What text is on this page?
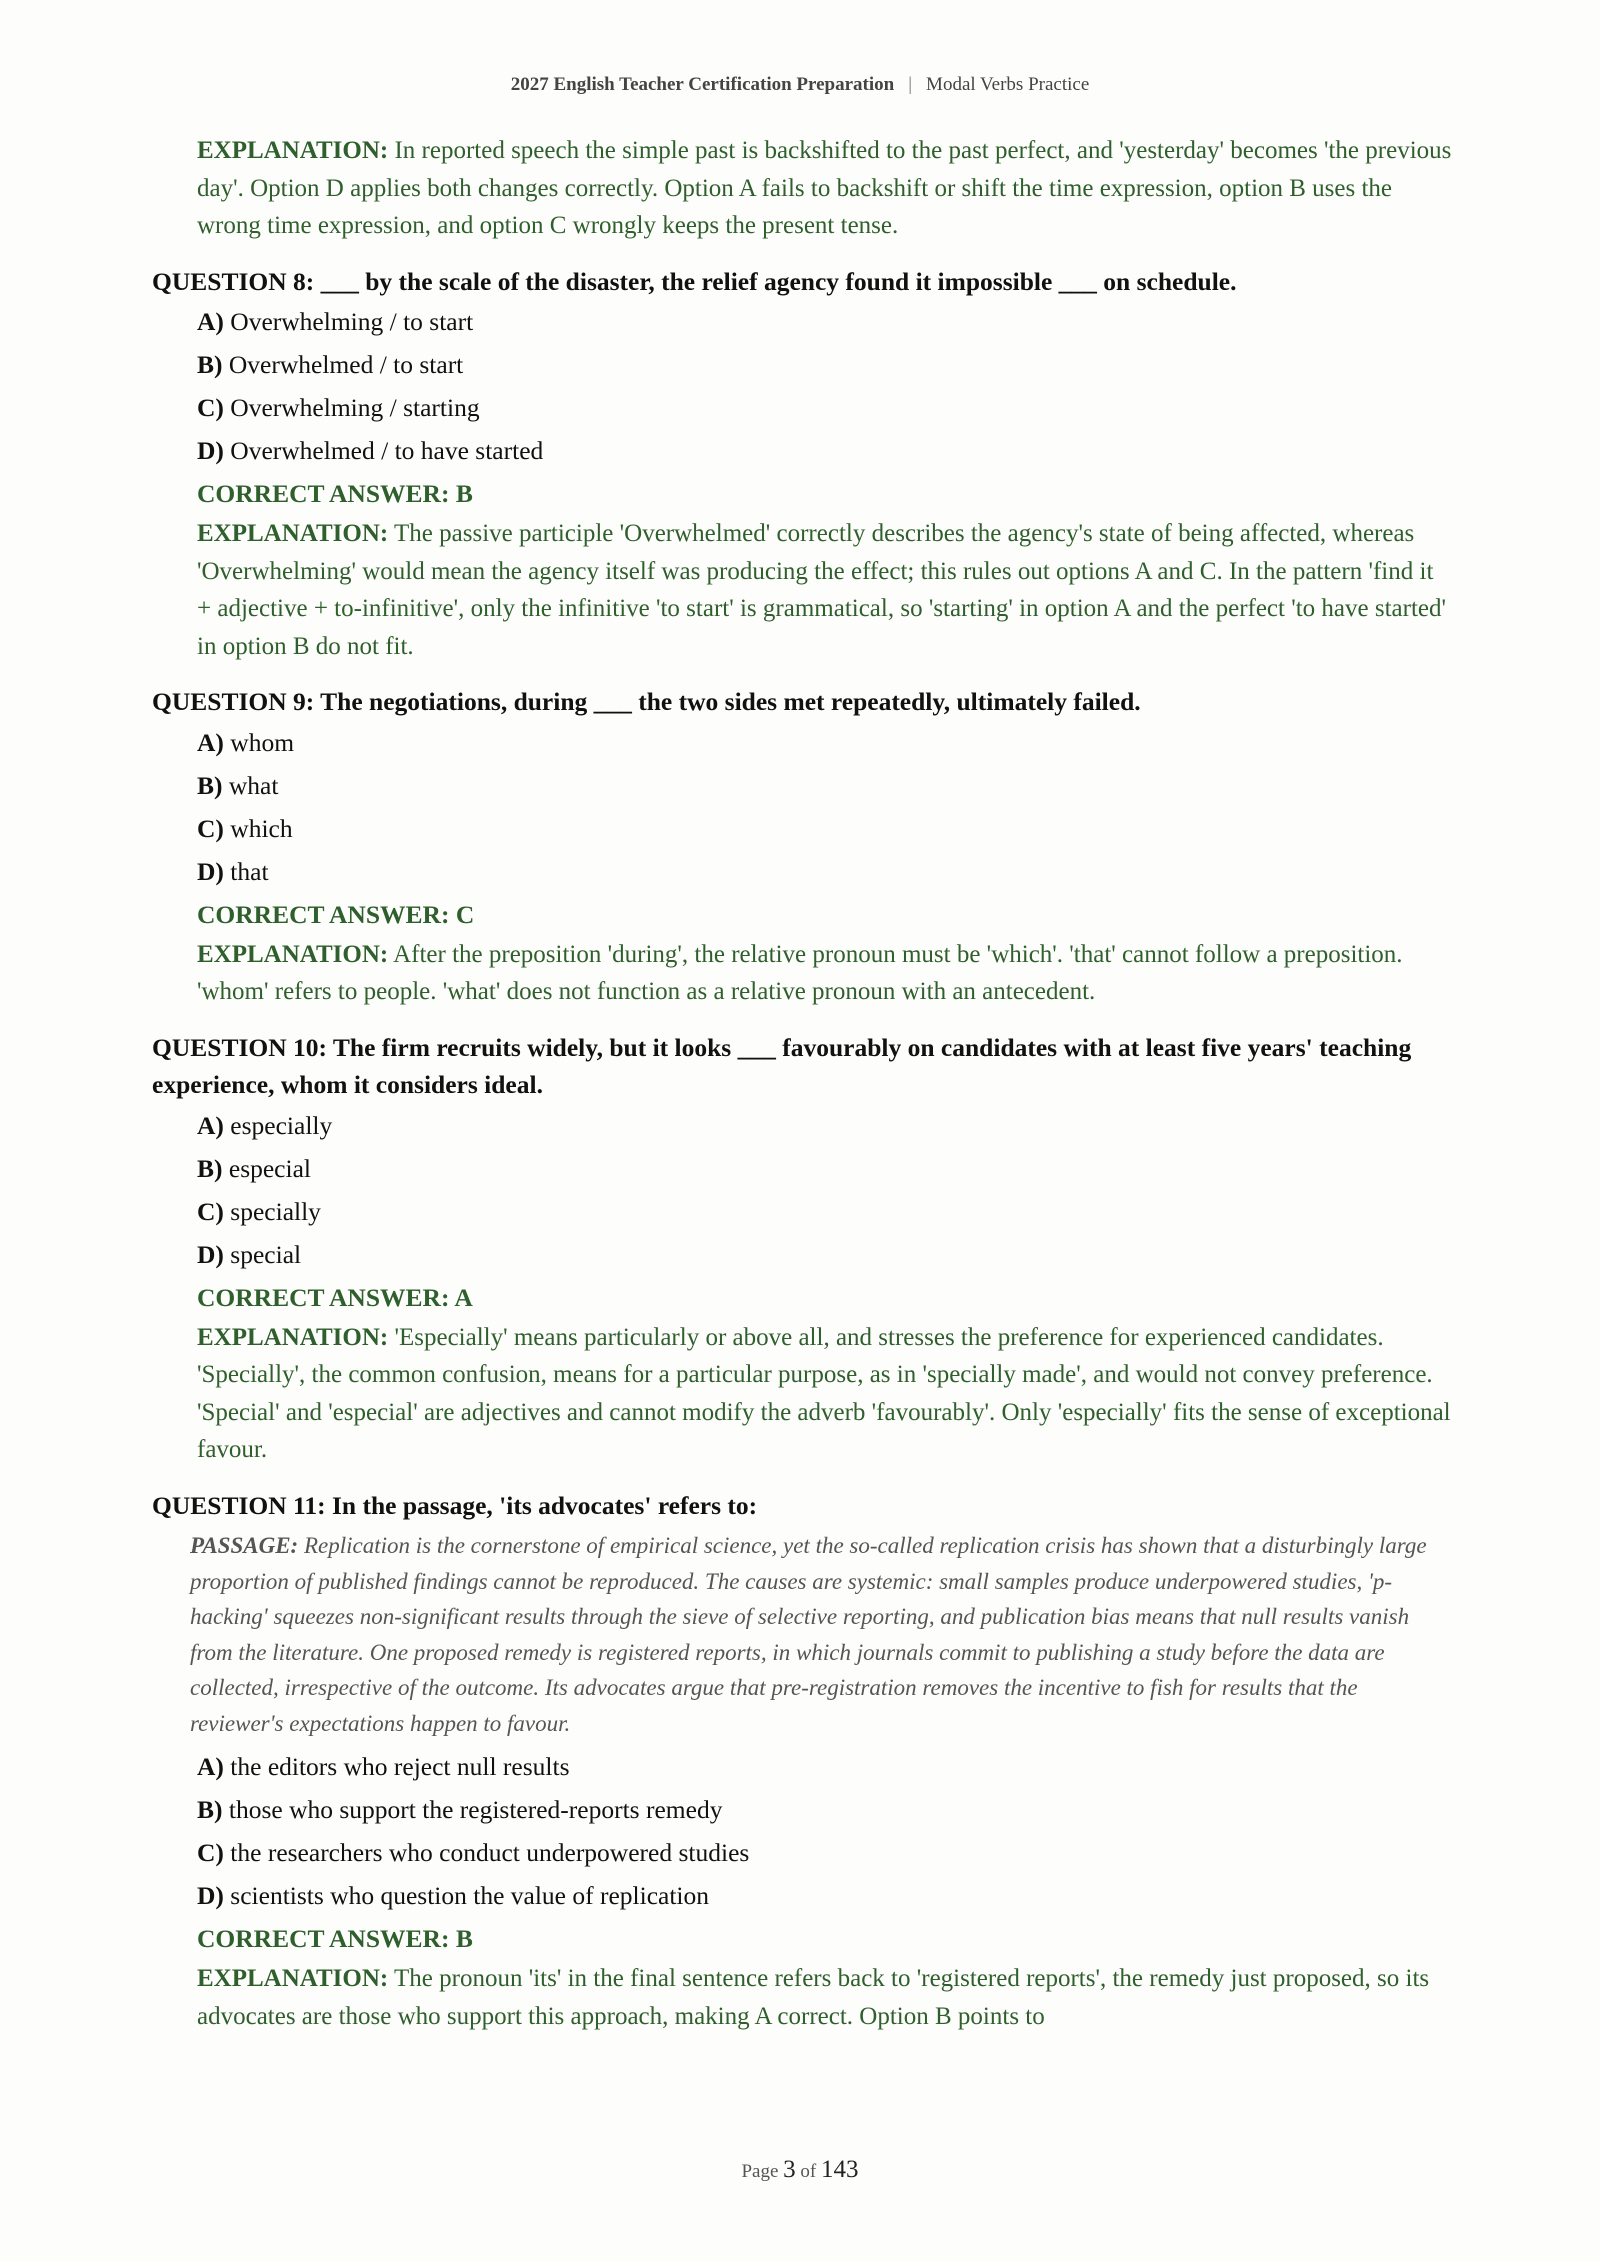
2027 English Teacher Certification Preparation | Modal Verbs Practice
EXPLANATION: In reported speech the simple past is backshifted to the past perfect, and 'yesterday' becomes 'the previous day'. Option D applies both changes correctly. Option A fails to backshift or shift the time expression, option B uses the wrong time expression, and option C wrongly keeps the present tense.
QUESTION 8: ___ by the scale of the disaster, the relief agency found it impossible ___ on schedule.
A) Overwhelming / to start
B) Overwhelmed / to start
C) Overwhelming / starting
D) Overwhelmed / to have started
CORRECT ANSWER: B
EXPLANATION: The passive participle 'Overwhelmed' correctly describes the agency's state of being affected, whereas 'Overwhelming' would mean the agency itself was producing the effect; this rules out options A and C. In the pattern 'find it + adjective + to-infinitive', only the infinitive 'to start' is grammatical, so 'starting' in option A and the perfect 'to have started' in option B do not fit.
QUESTION 9: The negotiations, during ___ the two sides met repeatedly, ultimately failed.
A) whom
B) what
C) which
D) that
CORRECT ANSWER: C
EXPLANATION: After the preposition 'during', the relative pronoun must be 'which'. 'that' cannot follow a preposition. 'whom' refers to people. 'what' does not function as a relative pronoun with an antecedent.
QUESTION 10: The firm recruits widely, but it looks ___ favourably on candidates with at least five years' teaching experience, whom it considers ideal.
A) especially
B) especial
C) specially
D) special
CORRECT ANSWER: A
EXPLANATION: 'Especially' means particularly or above all, and stresses the preference for experienced candidates. 'Specially', the common confusion, means for a particular purpose, as in 'specially made', and would not convey preference. 'Special' and 'especial' are adjectives and cannot modify the adverb 'favourably'. Only 'especially' fits the sense of exceptional favour.
QUESTION 11: In the passage, 'its advocates' refers to:
PASSAGE: Replication is the cornerstone of empirical science, yet the so-called replication crisis has shown that a disturbingly large proportion of published findings cannot be reproduced. The causes are systemic: small samples produce underpowered studies, 'p-hacking' squeezes non-significant results through the sieve of selective reporting, and publication bias means that null results vanish from the literature. One proposed remedy is registered reports, in which journals commit to publishing a study before the data are collected, irrespective of the outcome. Its advocates argue that pre-registration removes the incentive to fish for results that the reviewer's expectations happen to favour.
A) the editors who reject null results
B) those who support the registered-reports remedy
C) the researchers who conduct underpowered studies
D) scientists who question the value of replication
CORRECT ANSWER: B
EXPLANATION: The pronoun 'its' in the final sentence refers back to 'registered reports', the remedy just proposed, so its advocates are those who support this approach, making A correct. Option B points to
Page 3 of 143
